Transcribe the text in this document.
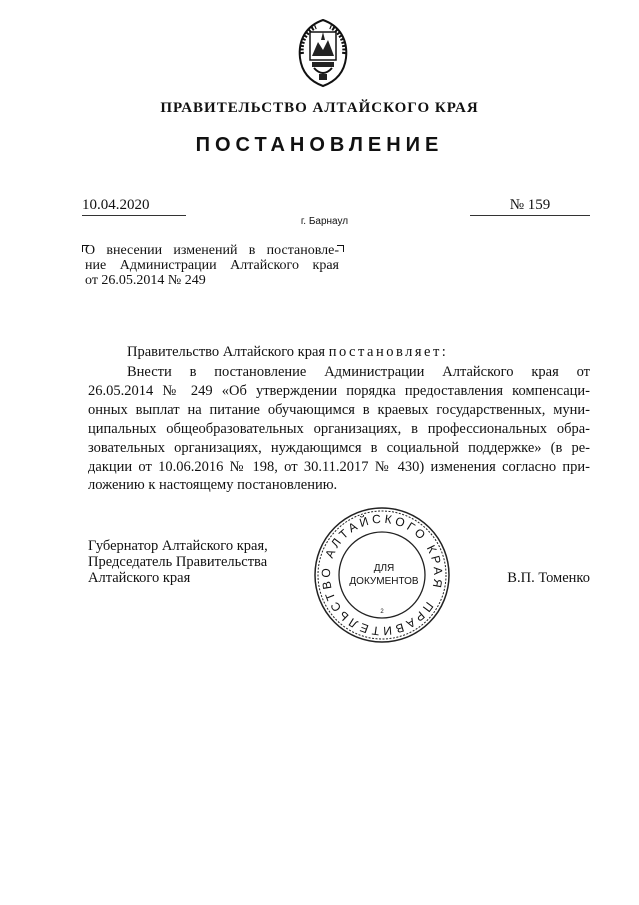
ПРАВИТЕЛЬСТВО АЛТАЙСКОГО КРАЯ
ПОСТАНОВЛЕНИЕ
10.04.2020	№ 159
г. Барнаул
О внесении изменений в постановле-
ние Администрации Алтайского края
от 26.05.2014 № 249
Правительство Алтайского края постановляет:
Внести в постановление Администрации Алтайского края от
26.05.2014 № 249 «Об утверждении порядка предоставления компенсаци-
онных выплат на питание обучающимся в краевых государственных, муни-
ципальных общеобразовательных организациях, в профессиональных обра-
зовательных организациях, нуждающимся в социальной поддержке» (в ре-
дакции от 10.06.2016 № 198, от 30.11.2017 № 430) изменения согласно при-
ложению к настоящему постановлению.
Губернатор Алтайского края,
Председатель Правительства
Алтайского края	В.П. Томенко
ПРАВИТЕЛЬСТВО АЛТАЙСКОГО КРАЯ
ДЛЯ
ДОКУМЕНТОВ
2
